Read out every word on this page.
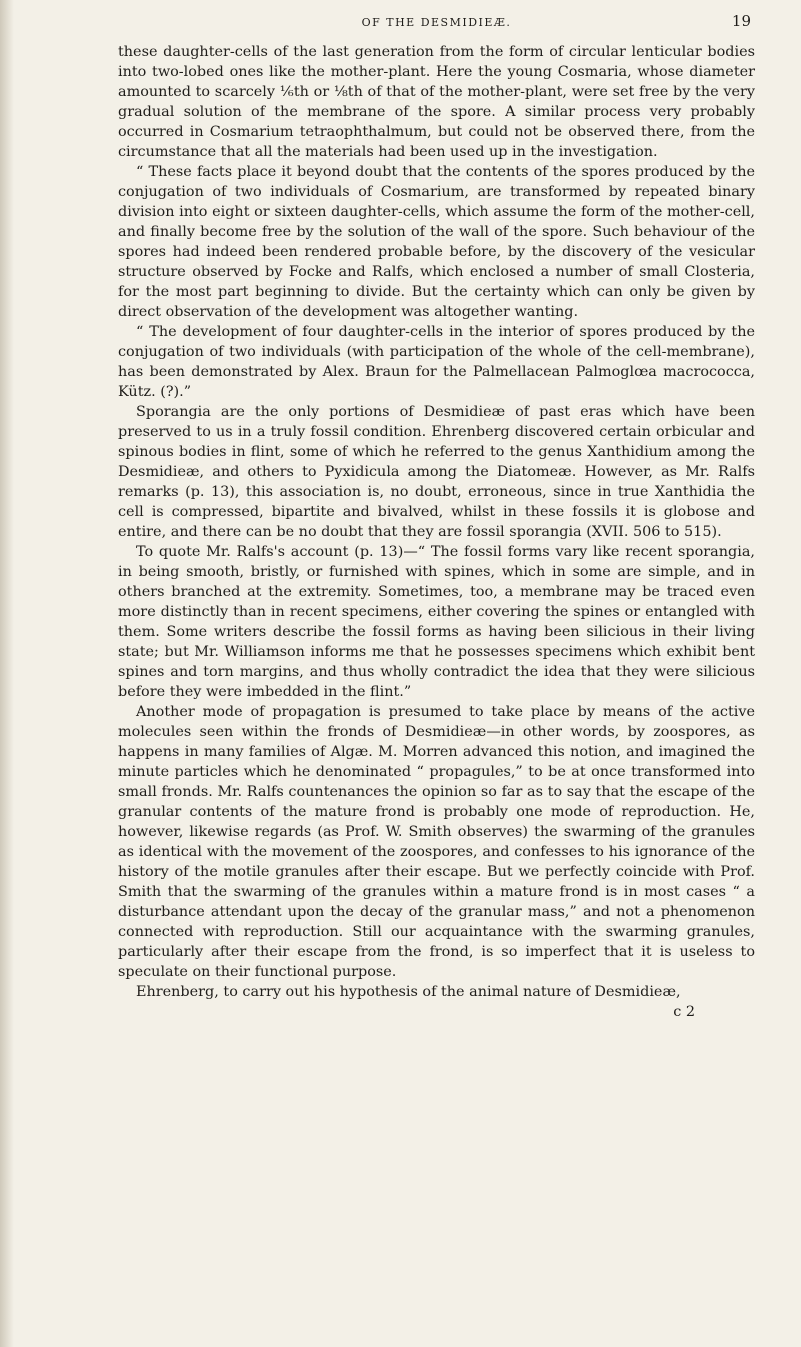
OF THE DESMIDIEÆ.	19

these daughter-cells of the last generation from the form of circular lenticular bodies into two-lobed ones like the mother-plant. Here the young Cosmaria, whose diameter amounted to scarcely ⅙th or ⅛th of that of the mother-plant, were set free by the very gradual solution of the membrane of the spore. A similar process very probably occurred in Cosmarium tetraophthalmum, but could not be observed there, from the circumstance that all the materials had been used up in the investigation.

“ These facts place it beyond doubt that the contents of the spores produced by the conjugation of two individuals of Cosmarium, are transformed by repeated binary division into eight or sixteen daughter-cells, which assume the form of the mother-cell, and finally become free by the solution of the wall of the spore. Such behaviour of the spores had indeed been rendered probable before, by the discovery of the vesicular structure observed by Focke and Ralfs, which enclosed a number of small Closteria, for the most part beginning to divide. But the certainty which can only be given by direct observation of the development was altogether wanting.

“ The development of four daughter-cells in the interior of spores produced by the conjugation of two individuals (with participation of the whole of the cell-membrane), has been demonstrated by Alex. Braun for the Palmellacean Palmoglœa macrococca, Kütz. (?).”

Sporangia are the only portions of Desmidieæ of past eras which have been preserved to us in a truly fossil condition. Ehrenberg discovered certain orbicular and spinous bodies in flint, some of which he referred to the genus Xanthidium among the Desmidieæ, and others to Pyxidicula among the Diatomeæ. However, as Mr. Ralfs remarks (p. 13), this association is, no doubt, erroneous, since in true Xanthidia the cell is compressed, bipartite and bivalved, whilst in these fossils it is globose and entire, and there can be no doubt that they are fossil sporangia (XVII. 506 to 515).

To quote Mr. Ralfs's account (p. 13)—“ The fossil forms vary like recent sporangia, in being smooth, bristly, or furnished with spines, which in some are simple, and in others branched at the extremity. Sometimes, too, a membrane may be traced even more distinctly than in recent specimens, either covering the spines or entangled with them. Some writers describe the fossil forms as having been silicious in their living state; but Mr. Williamson informs me that he possesses specimens which exhibit bent spines and torn margins, and thus wholly contradict the idea that they were silicious before they were imbedded in the flint.”

Another mode of propagation is presumed to take place by means of the active molecules seen within the fronds of Desmidieæ—in other words, by zoospores, as happens in many families of Algæ. M. Morren advanced this notion, and imagined the minute particles which he denominated “ propagules,” to be at once transformed into small fronds. Mr. Ralfs countenances the opinion so far as to say that the escape of the granular contents of the mature frond is probably one mode of reproduction. He, however, likewise regards (as Prof. W. Smith observes) the swarming of the granules as identical with the movement of the zoospores, and confesses to his ignorance of the history of the motile granules after their escape. But we perfectly coincide with Prof. Smith that the swarming of the granules within a mature frond is in most cases “ a disturbance attendant upon the decay of the granular mass,” and not a phenomenon connected with reproduction. Still our acquaintance with the swarming granules, particularly after their escape from the frond, is so imperfect that it is useless to speculate on their functional purpose.

Ehrenberg, to carry out his hypothesis of the animal nature of Desmidieæ,

c 2
